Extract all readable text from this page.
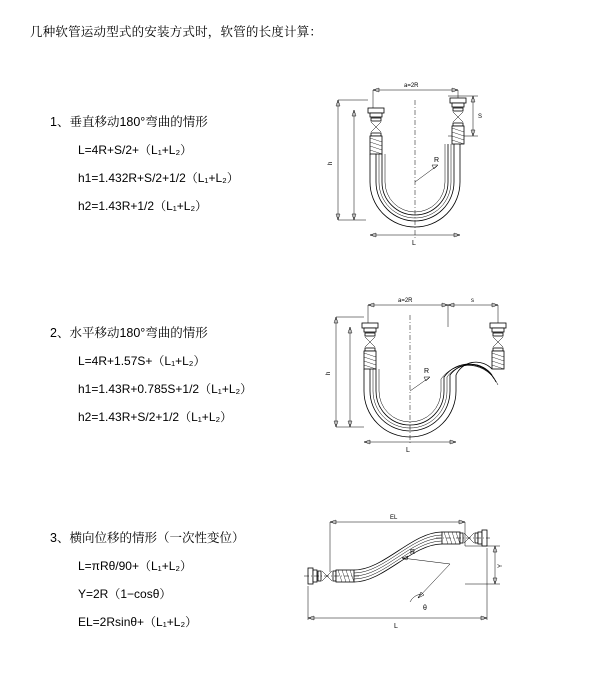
几种软管运动型式的安装方式时，软管的长度计算：
1、垂直移动180°弯曲的情形
L=4R+S/2+（L₁+L₂）
h1=1.432R+S/2+1/2（L₁+L₂）
h2=1.43R+1/2（L₁+L₂）
a=2R
h
S
R
L
2、水平移动180°弯曲的情形
L=4R+1.57S+（L₁+L₂）
h1=1.43R+0.785S+1/2（L₁+L₂）
h2=1.43R+S/2+1/2（L₁+L₂）
a=2R	s
h	R
L
3、横向位移的情形（一次性变位）
L=πRθ/90+（L₁+L₂）
Y=2R（1−cosθ）
EL=2Rsinθ+（L₁+L₂）
EL
Y
θ
R
L
